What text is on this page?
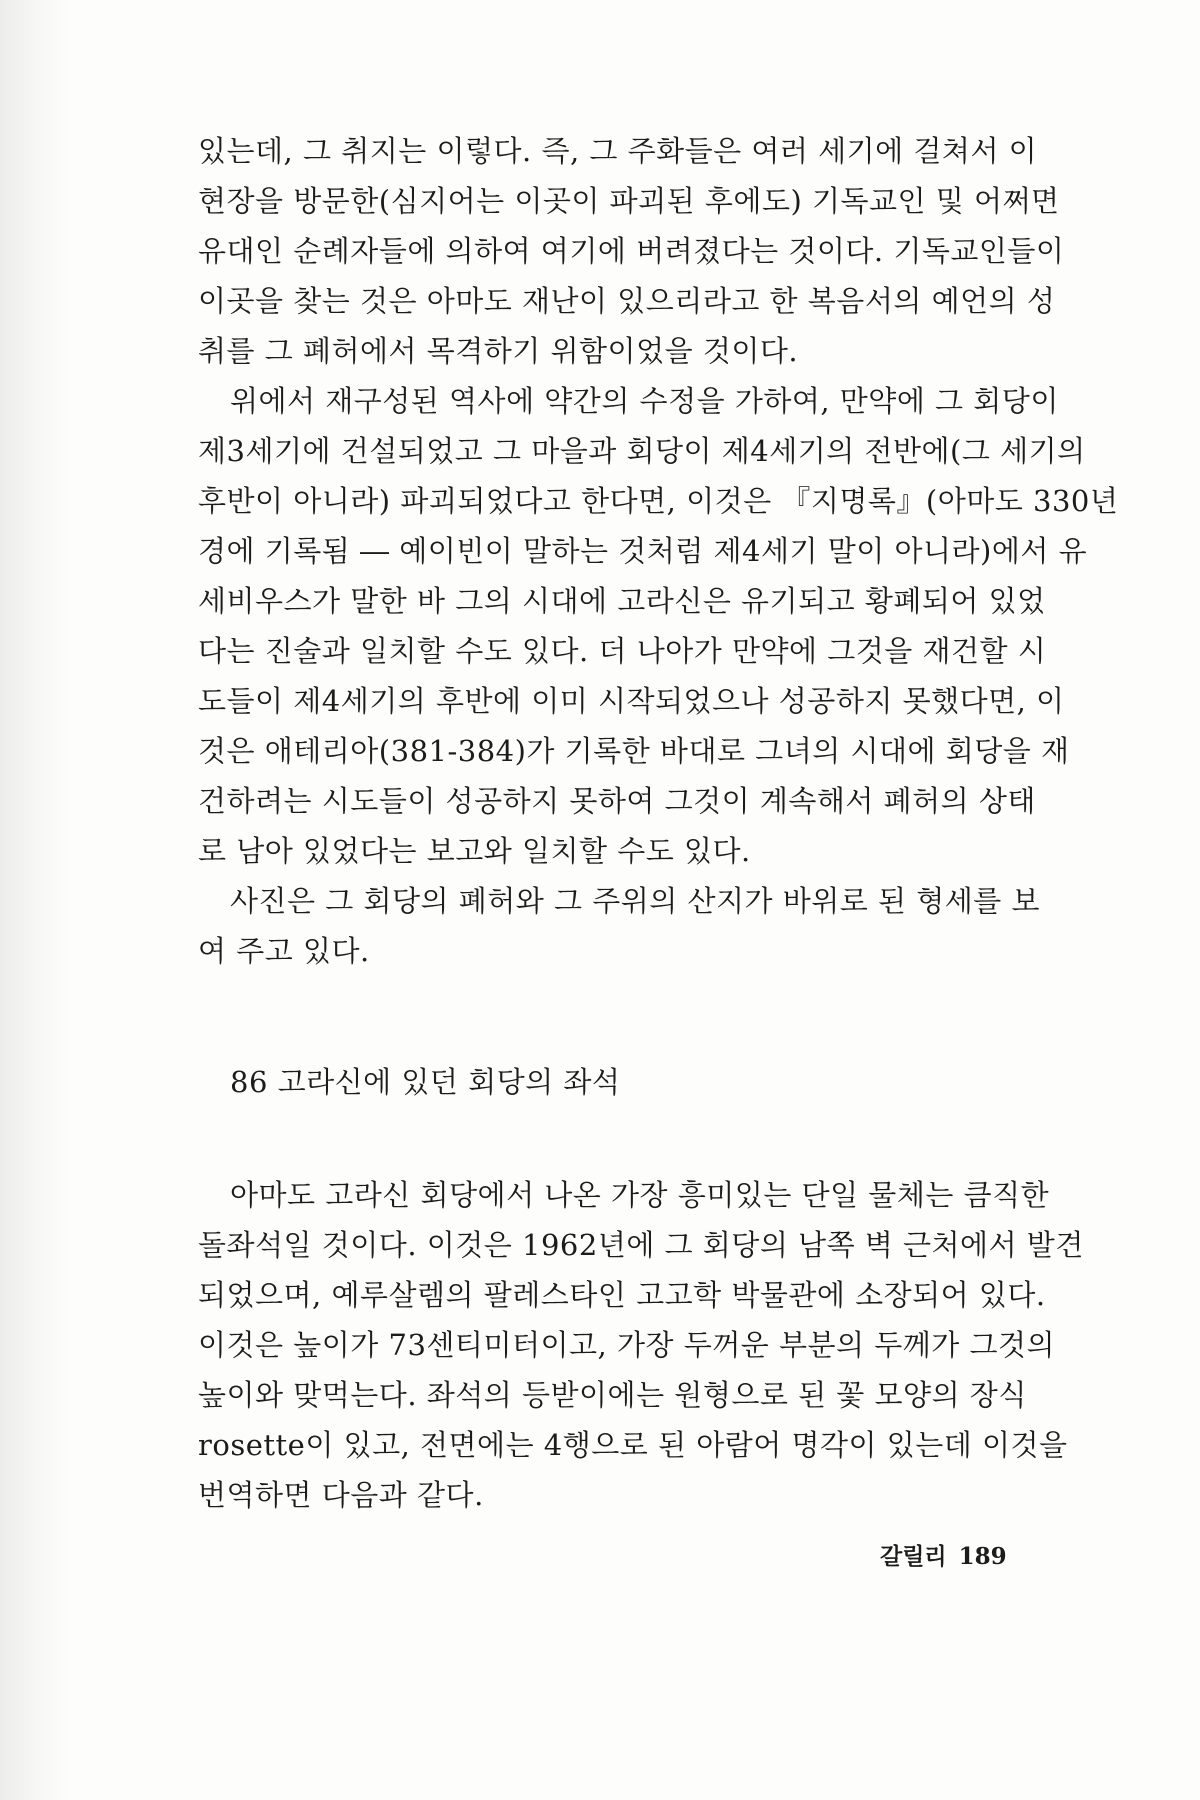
있는데, 그 취지는 이렇다. 즉, 그 주화들은 여러 세기에 걸쳐서 이
현장을 방문한(심지어는 이곳이 파괴된 후에도) 기독교인 및 어쩌면
유대인 순례자들에 의하여 여기에 버려졌다는 것이다. 기독교인들이
이곳을 찾는 것은 아마도 재난이 있으리라고 한 복음서의 예언의 성
취를 그 폐허에서 목격하기 위함이었을 것이다.
위에서 재구성된 역사에 약간의 수정을 가하여, 만약에 그 회당이
제3세기에 건설되었고 그 마을과 회당이 제4세기의 전반에(그 세기의
후반이 아니라) 파괴되었다고 한다면, 이것은 『지명록』(아마도 330년
경에 기록됨 ― 예이빈이 말하는 것처럼 제4세기 말이 아니라)에서 유
세비우스가 말한 바 그의 시대에 고라신은 유기되고 황폐되어 있었
다는 진술과 일치할 수도 있다. 더 나아가 만약에 그것을 재건할 시
도들이 제4세기의 후반에 이미 시작되었으나 성공하지 못했다면, 이
것은 애테리아(381-384)가 기록한 바대로 그녀의 시대에 회당을 재
건하려는 시도들이 성공하지 못하여 그것이 계속해서 폐허의 상태
로 남아 있었다는 보고와 일치할 수도 있다.
사진은 그 회당의 폐허와 그 주위의 산지가 바위로 된 형세를 보
여 주고 있다.
86 고라신에 있던 회당의 좌석
아마도 고라신 회당에서 나온 가장 흥미있는 단일 물체는 큼직한
돌좌석일 것이다. 이것은 1962년에 그 회당의 남쪽 벽 근처에서 발견
되었으며, 예루살렘의 팔레스타인 고고학 박물관에 소장되어 있다.
이것은 높이가 73센티미터이고, 가장 두꺼운 부분의 두께가 그것의
높이와 맞먹는다. 좌석의 등받이에는 원형으로 된 꽃 모양의 장식
rosette이 있고, 전면에는 4행으로 된 아람어 명각이 있는데 이것을
번역하면 다음과 같다.
갈릴리 189
